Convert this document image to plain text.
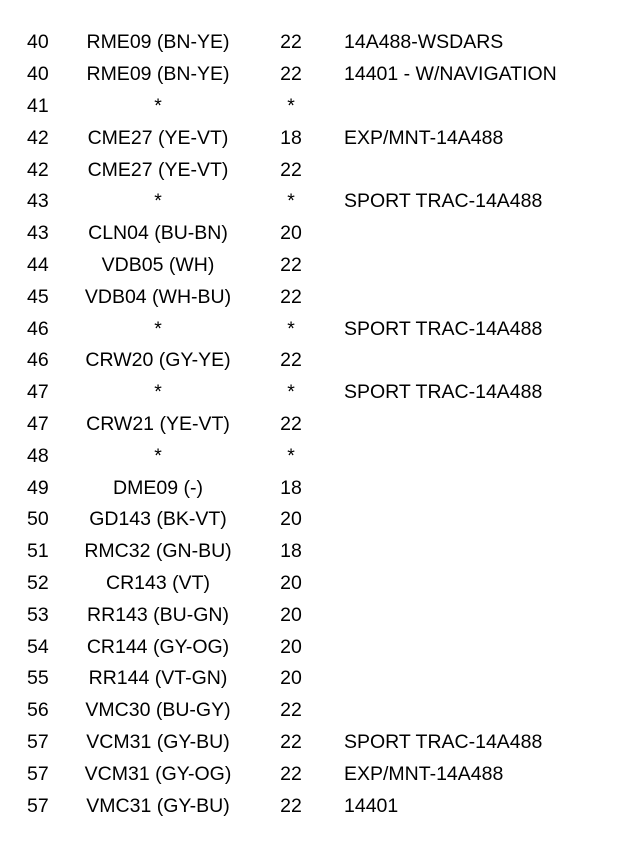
40	RME09 (BN-YE)	22	14A488-WSDARS
40	RME09 (BN-YE)	22	14401 - W/NAVIGATION
41	*	*	
42	CME27 (YE-VT)	18	EXP/MNT-14A488
42	CME27 (YE-VT)	22	
43	*	*	SPORT TRAC-14A488
43	CLN04 (BU-BN)	20	
44	VDB05 (WH)	22	
45	VDB04 (WH-BU)	22	
46	*	*	SPORT TRAC-14A488
46	CRW20 (GY-YE)	22	
47	*	*	SPORT TRAC-14A488
47	CRW21 (YE-VT)	22	
48	*	*	
49	DME09 (-)	18	
50	GD143 (BK-VT)	20	
51	RMC32 (GN-BU)	18	
52	CR143 (VT)	20	
53	RR143 (BU-GN)	20	
54	CR144 (GY-OG)	20	
55	RR144 (VT-GN)	20	
56	VMC30 (BU-GY)	22	
57	VCM31 (GY-BU)	22	SPORT TRAC-14A488
57	VCM31 (GY-OG)	22	EXP/MNT-14A488
57	VMC31 (GY-BU)	22	14401
